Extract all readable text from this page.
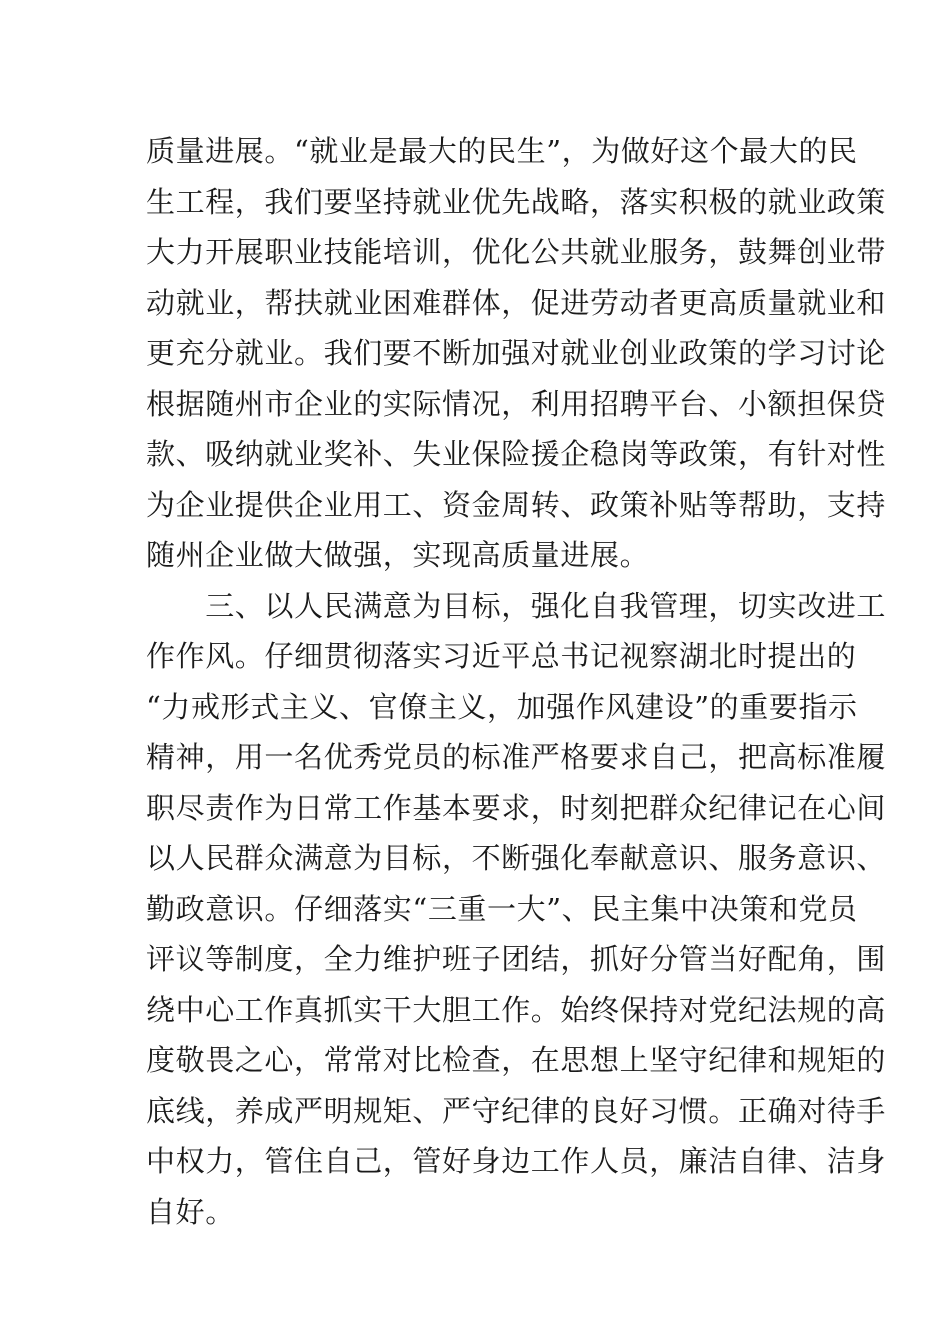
质量进展。“就业是最大的民生”，为做好这个最大的民
生工程，我们要坚持就业优先战略，落实积极的就业政策
大力开展职业技能培训，优化公共就业服务，鼓舞创业带
动就业，帮扶就业困难群体，促进劳动者更高质量就业和
更充分就业。我们要不断加强对就业创业政策的学习讨论
根据随州市企业的实际情况，利用招聘平台、小额担保贷
款、吸纳就业奖补、失业保险援企稳岗等政策，有针对性
为企业提供企业用工、资金周转、政策补贴等帮助，支持
随州企业做大做强，实现高质量进展。
　　三、以人民满意为目标，强化自我管理，切实改进工
作作风。仔细贯彻落实习近平总书记视察湖北时提出的
“力戒形式主义、官僚主义，加强作风建设”的重要指示
精神，用一名优秀党员的标准严格要求自己，把高标准履
职尽责作为日常工作基本要求，时刻把群众纪律记在心间
以人民群众满意为目标，不断强化奉献意识、服务意识、
勤政意识。仔细落实“三重一大”、民主集中决策和党员
评议等制度，全力维护班子团结，抓好分管当好配角，围
绕中心工作真抓实干大胆工作。始终保持对党纪法规的高
度敬畏之心，常常对比检查，在思想上坚守纪律和规矩的
底线，养成严明规矩、严守纪律的良好习惯。正确对待手
中权力，管住自己，管好身边工作人员，廉洁自律、洁身
自好。
